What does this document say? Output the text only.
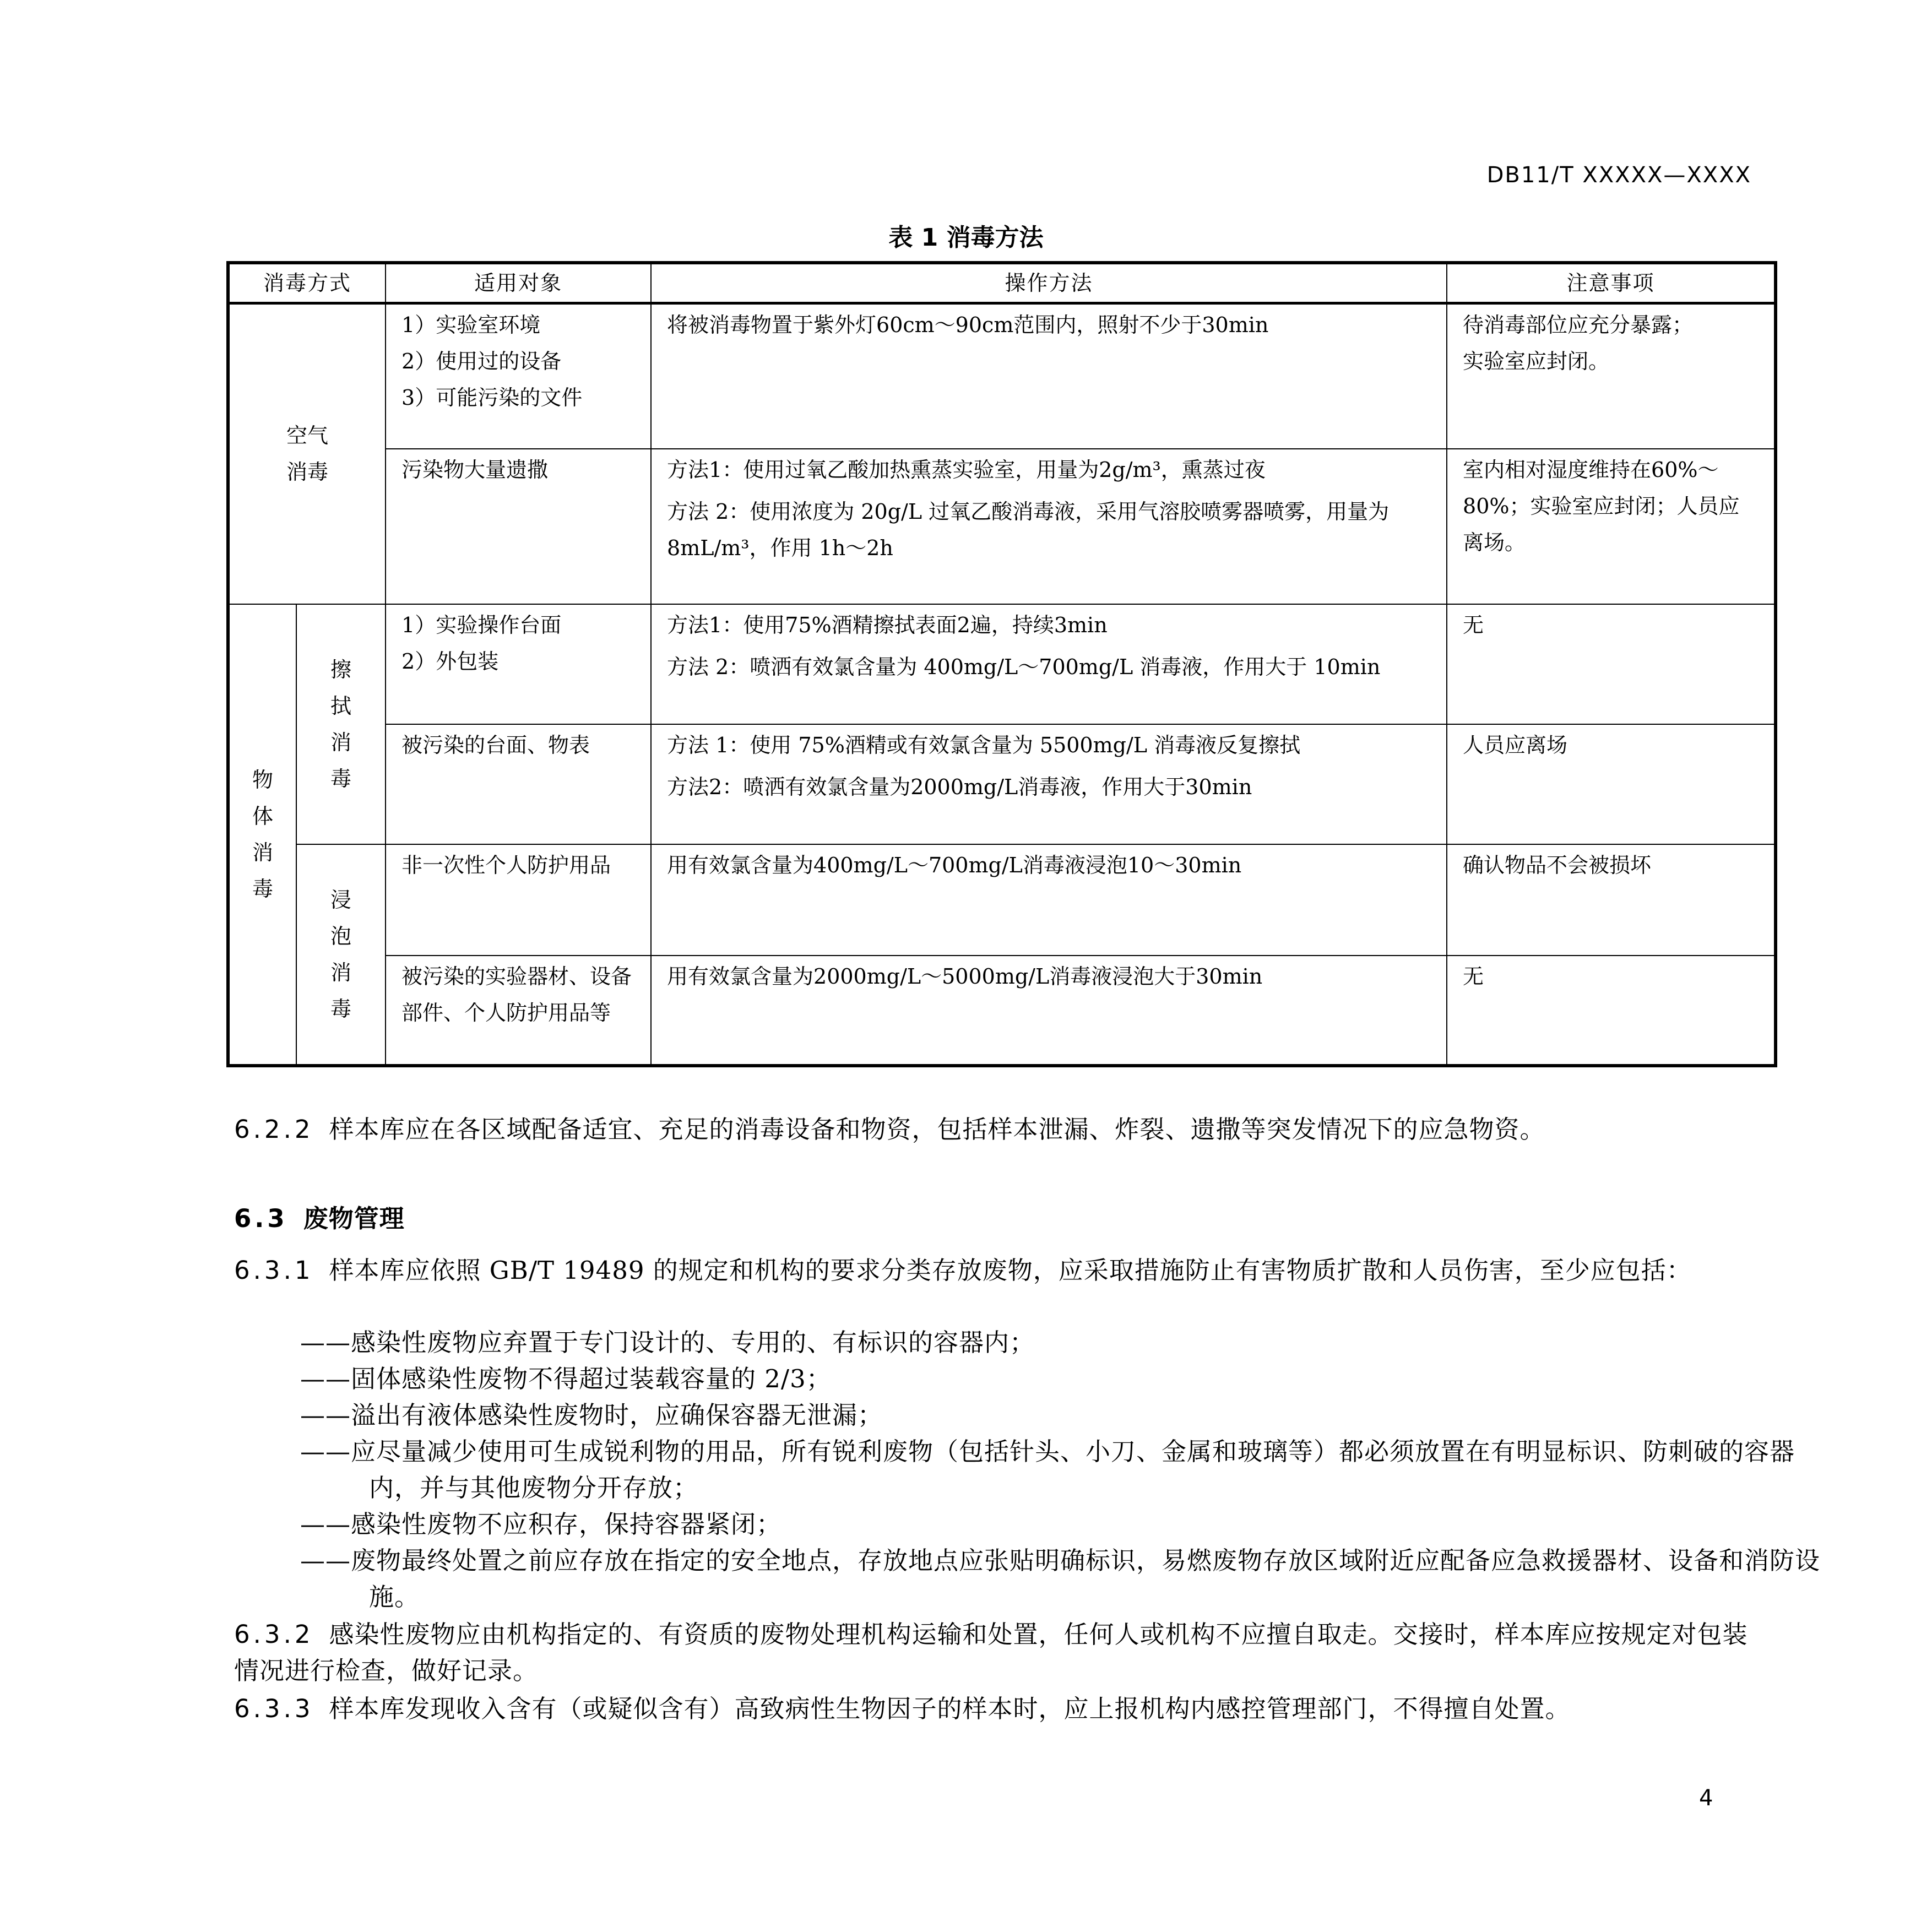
DB11/T XXXXX—XXXX
表 1 消毒方法
消毒方式		适用对象	操作方法	注意事项
空气消毒		1）实验室环境
2）使用过的设备
3）可能污染的文件	将被消毒物置于紫外灯60cm～90cm范围内，照射不少于30min	待消毒部位应充分暴露；
实验室应封闭。

		污染物大量遗撒	方法1：使用过氧乙酸加热熏蒸实验室，用量为2g/m³，熏蒸过夜
方法 2：使用浓度为 20g/L 过氧乙酸消毒液，采用气溶胶喷雾器喷雾，用量为 8mL/m³，作用 1h～2h	室内相对湿度维持在60%～80%；实验室应封闭；人员应离场。

物体消毒	擦拭消毒	1）实验操作台面
2）外包装	方法1：使用75%酒精擦拭表面2遍，持续3min
方法 2：喷洒有效氯含量为 400mg/L～700mg/L 消毒液，作用大于 10min	无

		被污染的台面、物表	方法 1：使用 75%酒精或有效氯含量为 5500mg/L 消毒液反复擦拭
方法2：喷洒有效氯含量为2000mg/L消毒液，作用大于30min	人员应离场

	浸泡消毒	非一次性个人防护用品	用有效氯含量为400mg/L～700mg/L消毒液浸泡10～30min	确认物品不会被损坏

		被污染的实验器材、设备部件、个人防护用品等	用有效氯含量为2000mg/L～5000mg/L消毒液浸泡大于30min	无
6.2.2 样本库应在各区域配备适宜、充足的消毒设备和物资，包括样本泄漏、炸裂、遗撒等突发情况下的应急物资。
6.3 废物管理
6.3.1 样本库应依照 GB/T 19489 的规定和机构的要求分类存放废物，应采取措施防止有害物质扩散和人员伤害，至少应包括：
——感染性废物应弃置于专门设计的、专用的、有标识的容器内；
——固体感染性废物不得超过装载容量的 2/3；
——溢出有液体感染性废物时，应确保容器无泄漏；
——应尽量减少使用可生成锐利物的用品，所有锐利废物（包括针头、小刀、金属和玻璃等）都必须放置在有明显标识、防刺破的容器内，并与其他废物分开存放；
——感染性废物不应积存，保持容器紧闭；
——废物最终处置之前应存放在指定的安全地点，存放地点应张贴明确标识，易燃废物存放区域附近应配备应急救援器材、设备和消防设施。
6.3.2 感染性废物应由机构指定的、有资质的废物处理机构运输和处置，任何人或机构不应擅自取走。交接时，样本库应按规定对包装情况进行检查，做好记录。
6.3.3 样本库发现收入含有（或疑似含有）高致病性生物因子的样本时，应上报机构内感控管理部门，不得擅自处置。
4
